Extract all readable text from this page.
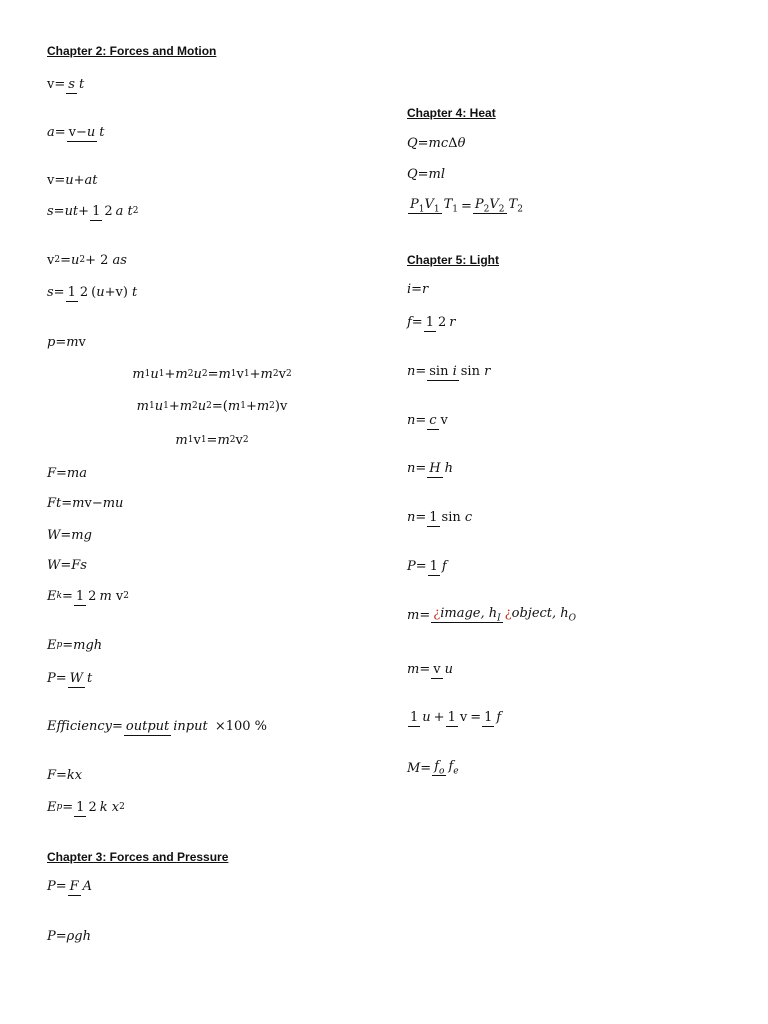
Chapter 2: Forces and Motion
v = s t
a= v−u t
v =u+at
s=ut+ 1 2 a t 2
v 2 =u 2 + 2 as
s= 1 2 ( u+ v ) t
p=m v
m 1 u 1 +m 2 u 2 =m 1 v 1 +m 2 v 2
m 1 u 1 +m 2 u 2 = ( m 1 +m 2 ) v
m 1 v 1 =m 2 v 2
F=ma
Ft=m v −mu
W=mg
W=Fs
E k = 1 2 m v 2
E p =mgh
P= W t
Efficiency= output input ×100 %
F=kx
E p = 1 2 k x 2
Chapter 3: Forces and Pressure
P= F A
P=ρgh
Chapter 4: Heat
Q=mc Δ θ
Q=ml
$P_1V_1$ $T_1 = P_2V_2$ $T_2$
Chapter 5: Light
i=r
f= 1 2 r
n= sin i sin r
n= c v
n= H h
n= 1 sin c
P= 1 f
m= ¿image, $h_I$ ¿object, $h_O$
m= v u
1 u + 1 v = 1 f
$M= f_o$ $f_e$
